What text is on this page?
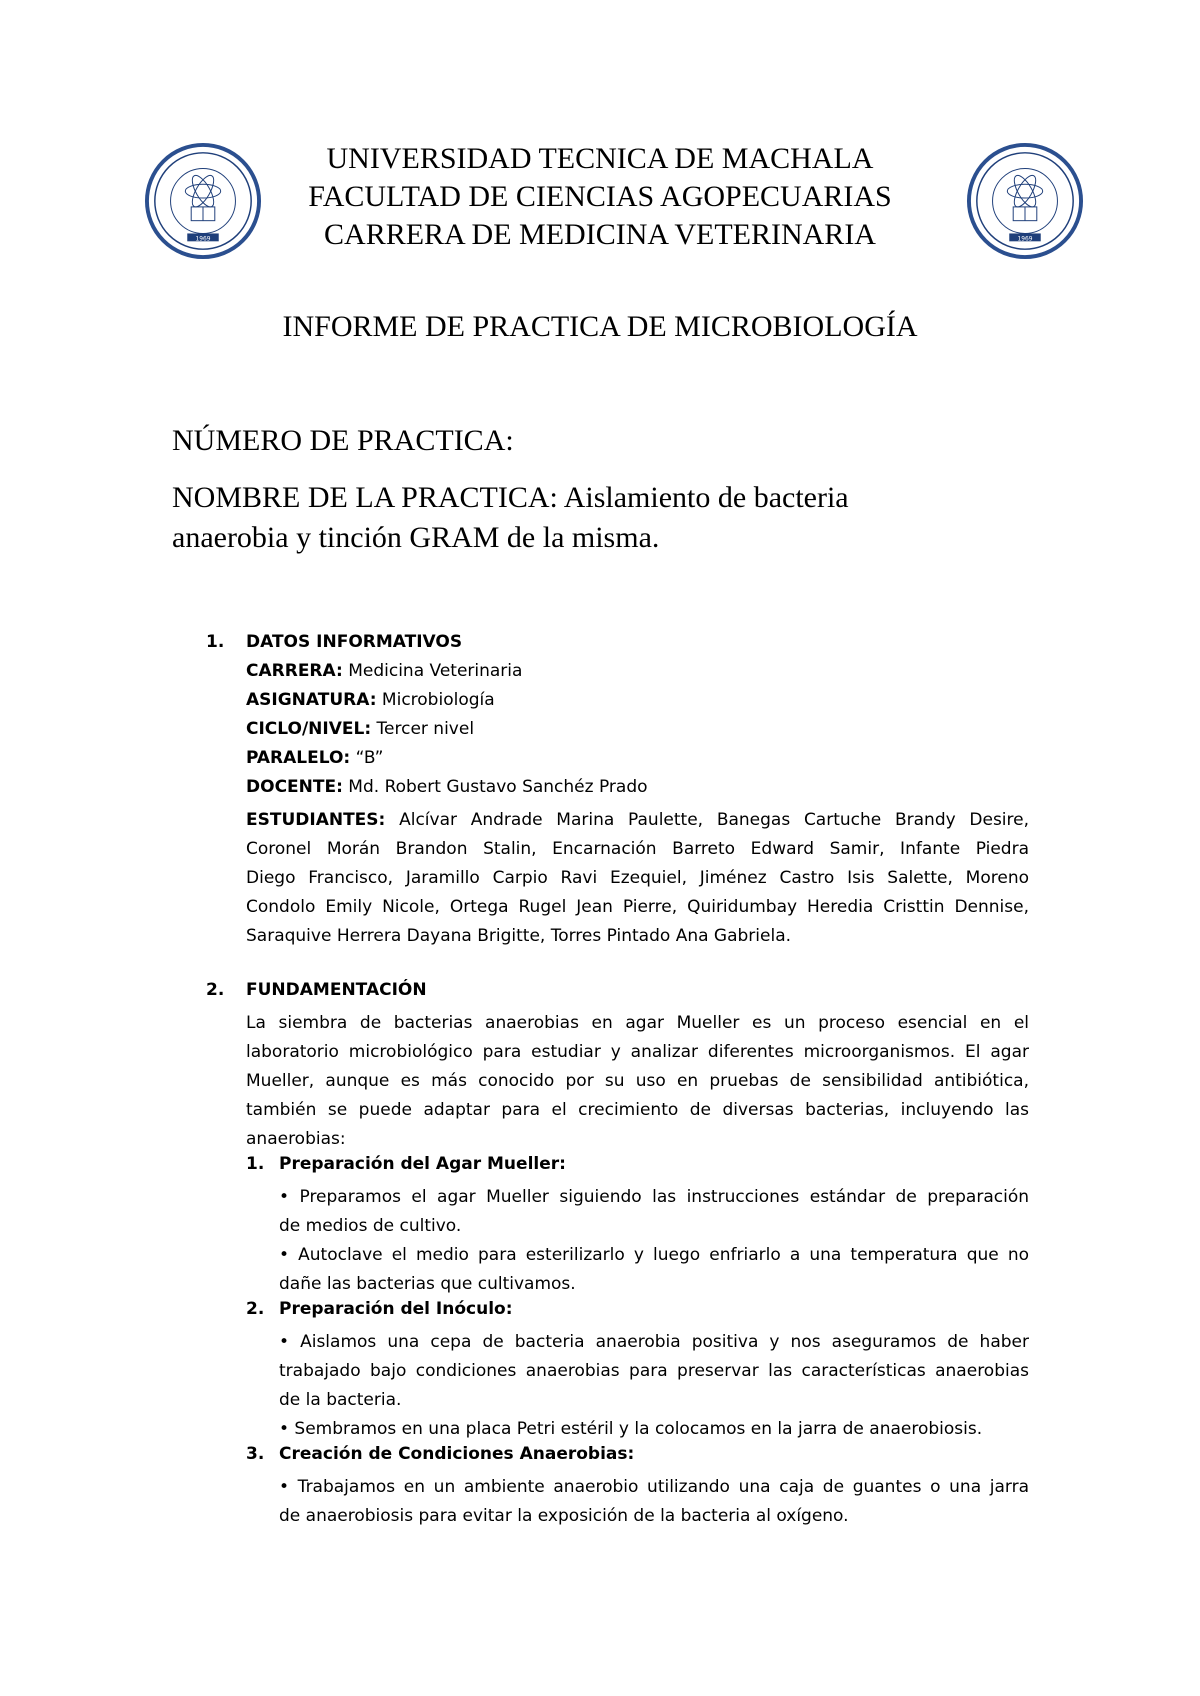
1969	1969
UNIVERSIDAD TECNICA DE MACHALA
FACULTAD DE CIENCIAS AGOPECUARIAS
CARRERA DE MEDICINA VETERINARIA
INFORME DE PRACTICA DE MICROBIOLOGÍA
NÚMERO DE PRACTICA:
NOMBRE DE LA PRACTICA: Aislamiento de bacteria
anaerobia y tinción GRAM de la misma.
1. DATOS INFORMATIVOS
CARRERA: Medicina Veterinaria
ASIGNATURA: Microbiología
CICLO/NIVEL: Tercer nivel
PARALELO: “B”
DOCENTE: Md. Robert Gustavo Sanchéz Prado
ESTUDIANTES: Alcívar Andrade Marina Paulette, Banegas Cartuche Brandy Desire,
Coronel Morán Brandon Stalin, Encarnación Barreto Edward Samir, Infante Piedra
Diego Francisco, Jaramillo Carpio Ravi Ezequiel, Jiménez Castro Isis Salette, Moreno
Condolo Emily Nicole, Ortega Rugel Jean Pierre, Quiridumbay Heredia Cristtin Dennise,
Saraquive Herrera Dayana Brigitte, Torres Pintado Ana Gabriela.
2. FUNDAMENTACIÓN
La siembra de bacterias anaerobias en agar Mueller es un proceso esencial en el
laboratorio microbiológico para estudiar y analizar diferentes microorganismos. El agar
Mueller, aunque es más conocido por su uso en pruebas de sensibilidad antibiótica,
también se puede adaptar para el crecimiento de diversas bacterias, incluyendo las
anaerobias:
1. Preparación del Agar Mueller:
• Preparamos el agar Mueller siguiendo las instrucciones estándar de preparación
de medios de cultivo.
• Autoclave el medio para esterilizarlo y luego enfriarlo a una temperatura que no
dañe las bacterias que cultivamos.
2. Preparación del Inóculo:
• Aislamos una cepa de bacteria anaerobia positiva y nos aseguramos de haber
trabajado bajo condiciones anaerobias para preservar las características anaerobias
de la bacteria.
• Sembramos en una placa Petri estéril y la colocamos en la jarra de anaerobiosis.
3. Creación de Condiciones Anaerobias:
• Trabajamos en un ambiente anaerobio utilizando una caja de guantes o una jarra
de anaerobiosis para evitar la exposición de la bacteria al oxígeno.
